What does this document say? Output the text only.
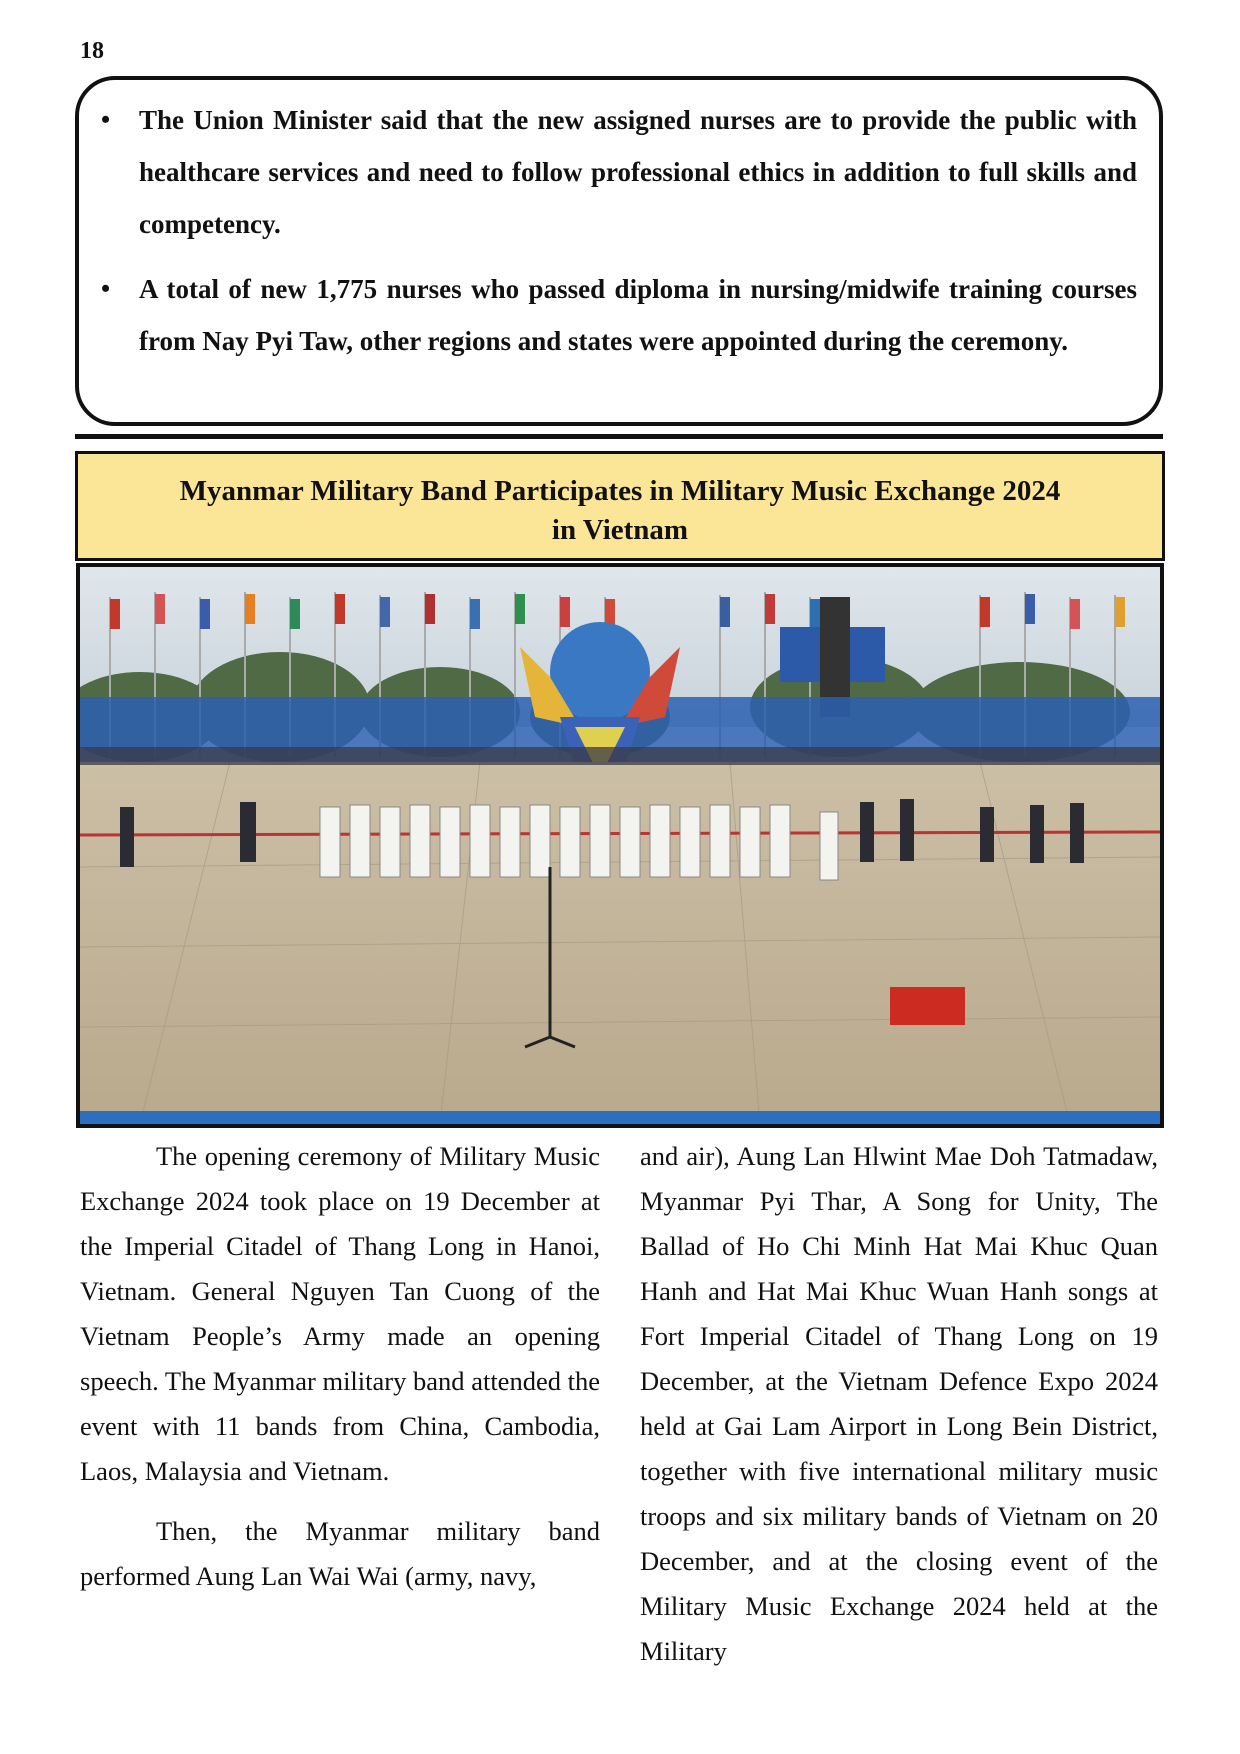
18
• The Union Minister said that the new assigned nurses are to provide the public with healthcare services and need to follow professional ethics in addition to full skills and competency.
• A total of new 1,775 nurses who passed diploma in nursing/midwife training courses from Nay Pyi Taw, other regions and states were appointed during the ceremony.
Myanmar Military Band Participates in Military Music Exchange 2024
in Vietnam

The opening ceremony of Military Music Exchange 2024 took place on 19 December at the Imperial Citadel of Thang Long in Hanoi, Vietnam. General Nguyen Tan Cuong of the Vietnam People’s Army made an opening speech. The Myanmar military band attended the event with 11 bands from China, Cambodia, Laos, Malaysia and Vietnam.

Then, the Myanmar military band performed Aung Lan Wai Wai (army, navy,

and air), Aung Lan Hlwint Mae Doh Tatmadaw, Myanmar Pyi Thar, A Song for Unity, The Ballad of Ho Chi Minh Hat Mai Khuc Quan Hanh and Hat Mai Khuc Wuan Hanh songs at Fort Imperial Citadel of Thang Long on 19 December, at the Vietnam Defence Expo 2024 held at Gai Lam Airport in Long Bein District, together with five international military music troops and six military bands of Vietnam on 20 December, and at the closing event of the Military Music Exchange 2024 held at the Military
